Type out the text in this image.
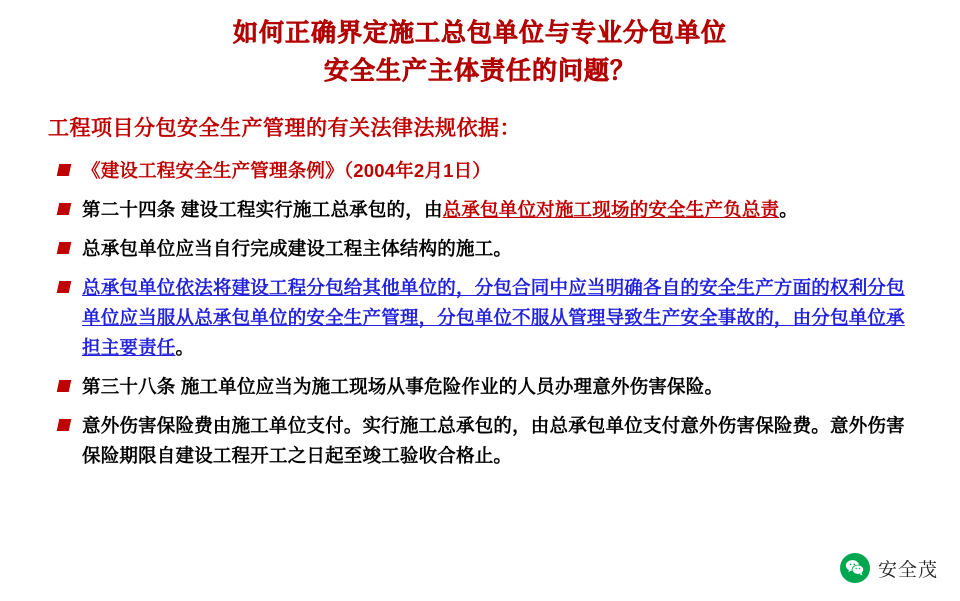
如何正确界定施工总包单位与专业分包单位
安全生产主体责任的问题？
工程项目分包安全生产管理的有关法律法规依据：
《建设工程安全生产管理条例》（2004年2月1日）
第二十四条 建设工程实行施工总承包的，由总承包单位对施工现场的安全生产负总责。
总承包单位应当自行完成建设工程主体结构的施工。
总承包单位依法将建设工程分包给其他单位的，分包合同中应当明确各自的安全生产方面的权利分包单位应当服从总承包单位的安全生产管理，分包单位不服从管理导致生产安全事故的，由分包单位承担主要责任。
第三十八条 施工单位应当为施工现场从事危险作业的人员办理意外伤害保险。
意外伤害保险费由施工单位支付。实行施工总承包的，由总承包单位支付意外伤害保险费。意外伤害保险期限自建设工程开工之日起至竣工验收合格止。
安全茂
